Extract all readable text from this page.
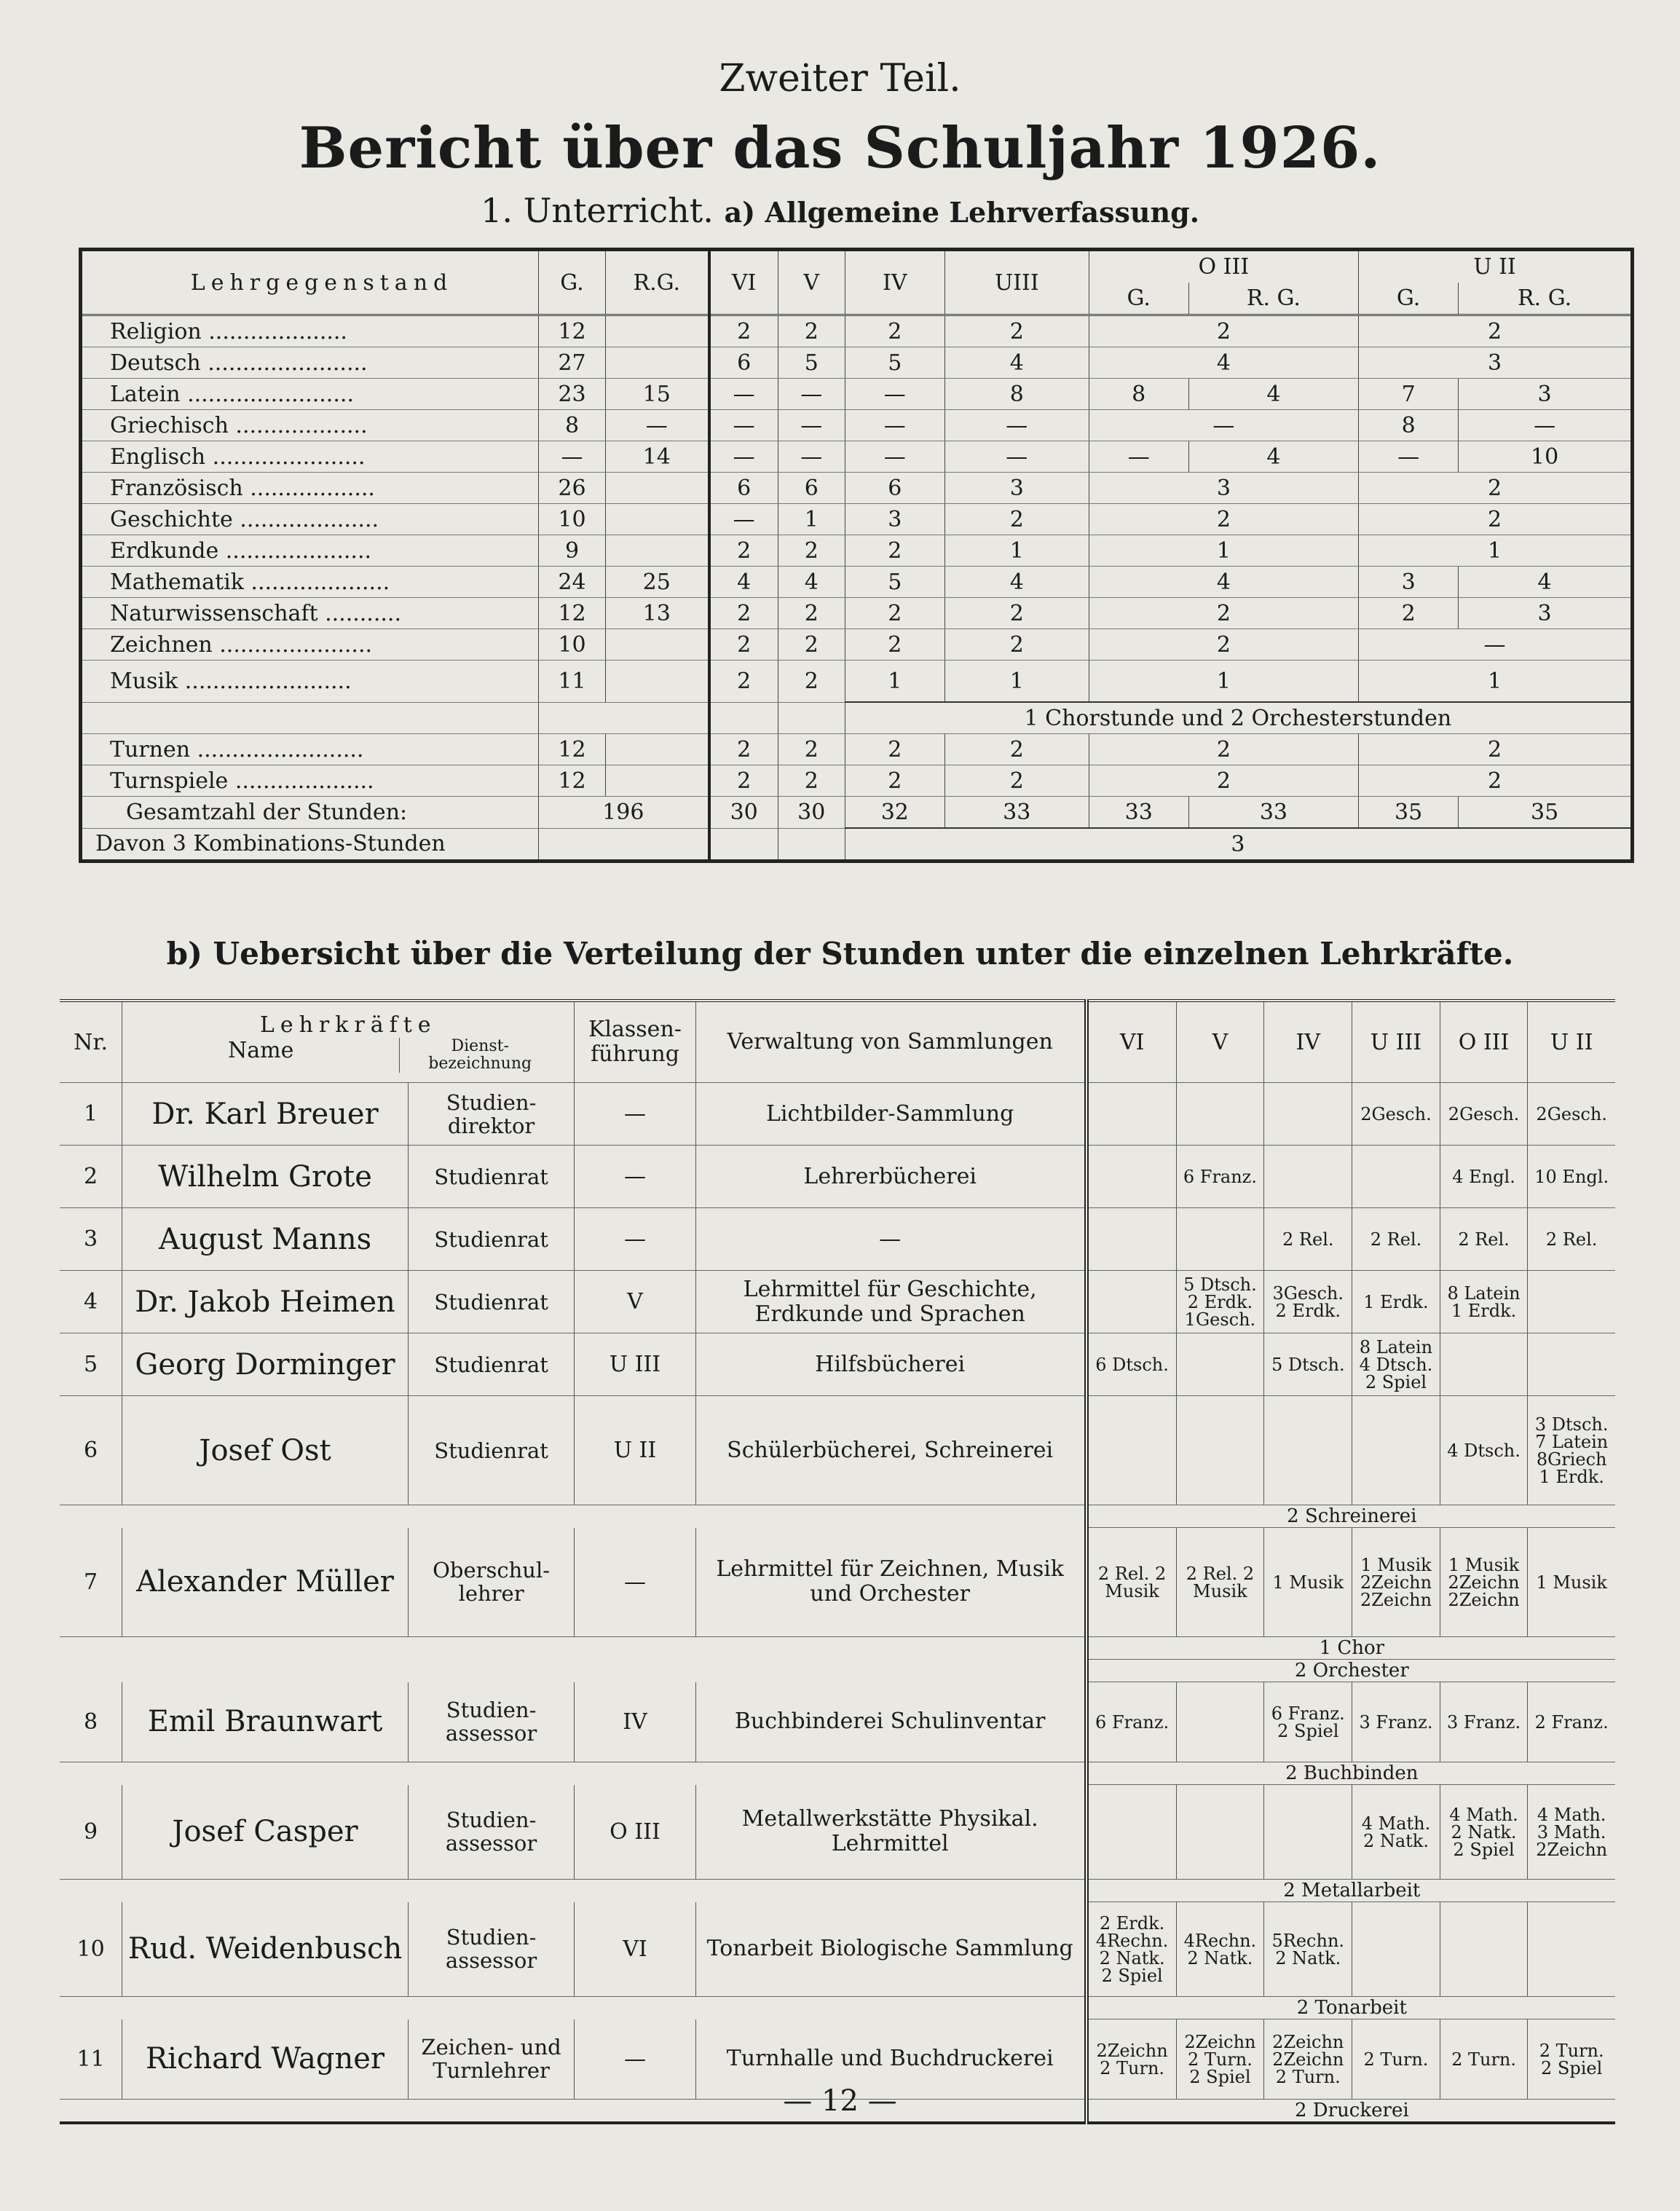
Zweiter Teil.
Bericht über das Schuljahr 1926.
1. Unterricht. a) Allgemeine Lehrverfassung.
Lehrgegenstand	G.	R.G.	VI	V	IV	UIII	O III		U II	
							G.	R. G.	G.	R. G.
Religion ....................	12		2	2	2	2	2		2	
Deutsch .......................	27		6	5	5	4	4		3	
Latein ........................	23	15	—	—	—	8	8	4	7	3
Griechisch ...................	8	—	—	—	—	—	—		8	—
Englisch ......................	—	14	—	—	—	—	—	4	—	10
Französisch ..................	26		6	6	6	3	3		2	
Geschichte ....................	10		—	1	3	2	2		2	
Erdkunde .....................	9		2	2	2	1	1		1	
Mathematik ....................	24	25	4	4	5	4	4		3	4
Naturwissenschaft ...........	12	13	2	2	2	2	2		2	3
Zeichnen ......................	10		2	2	2	2	2		—	
Musik ........................	11		2	2	1	1	1		1	
					1 Chorstunde und 2 Orchesterstunden					
Turnen ........................	12		2	2	2	2	2		2	
Turnspiele ....................	12		2	2	2	2	2		2	
Gesamtzahl der Stunden:	196		30	30	32	33	33	33	35	35
Davon 3 Kombinations-Stunden					3					
b) Uebersicht über die Verteilung der Stunden unter die einzelnen Lehrkräfte.
Nr.	Lehrkräfte
Name Dienst-bezeichnung		Klassen-führung	Verwaltung von Sammlungen	VI	V	IV	U III	O III	U II
1	Dr. Karl Breuer	Studien-direktor	—	Lichtbilder-Sammlung				2Gesch.	2Gesch.	2Gesch.
2	Wilhelm Grote	Studienrat	—	Lehrerbücherei		6 Franz.			4 Engl.	10 Engl.
3	August Manns	Studienrat	—	—			2 Rel.	2 Rel.	2 Rel.	2 Rel.
4	Dr. Jakob Heimen	Studienrat	V	Lehrmittel für Geschichte, Erdkunde und Sprachen		5 Dtsch. 2 Erdk. 1Gesch.	3Gesch. 2 Erdk.	1 Erdk.	8 Latein 1 Erdk.	
5	Georg Dorminger	Studienrat	U III	Hilfsbücherei	6 Dtsch.		5 Dtsch.	8 Latein 4 Dtsch. 2 Spiel		
6	Josef Ost	Studienrat	U II	Schülerbücherei, Schreinerei					4 Dtsch.	3 Dtsch. 7 Latein 8Griech 1 Erdk.
					2 Schreinerei					
7	Alexander Müller	Oberschul-lehrer	—	Lehrmittel für Zeichnen, Musik und Orchester	2 Rel. 2 Musik	2 Rel. 2 Musik	1 Musik	1 Musik 2Zeichn 2Zeichn	1 Musik 2Zeichn 2Zeichn	1 Musik
					1 Chor					
					2 Orchester					
8	Emil Braunwart	Studien-assessor	IV	Buchbinderei Schulinventar	6 Franz.		6 Franz. 2 Spiel	3 Franz.	3 Franz.	2 Franz.
					2 Buchbinden					
9	Josef Casper	Studien-assessor	O III	Metallwerkstätte Physikal. Lehrmittel				4 Math. 2 Natk.	4 Math. 2 Natk. 2 Spiel	4 Math. 3 Math. 2Zeichn
					2 Metallarbeit					
10	Rud. Weidenbusch	Studien-assessor	VI	Tonarbeit Biologische Sammlung	2 Erdk. 4Rechn. 2 Natk. 2 Spiel	4Rechn. 2 Natk.	5Rechn. 2 Natk.			
					2 Tonarbeit					
11	Richard Wagner	Zeichen- und Turnlehrer	—	Turnhalle und Buchdruckerei	2Zeichn 2 Turn.	2Zeichn 2 Turn. 2 Spiel	2Zeichn 2Zeichn 2 Turn.	2 Turn.	2 Turn.	2 Turn. 2 Spiel
					2 Druckerei					
— 12 —
